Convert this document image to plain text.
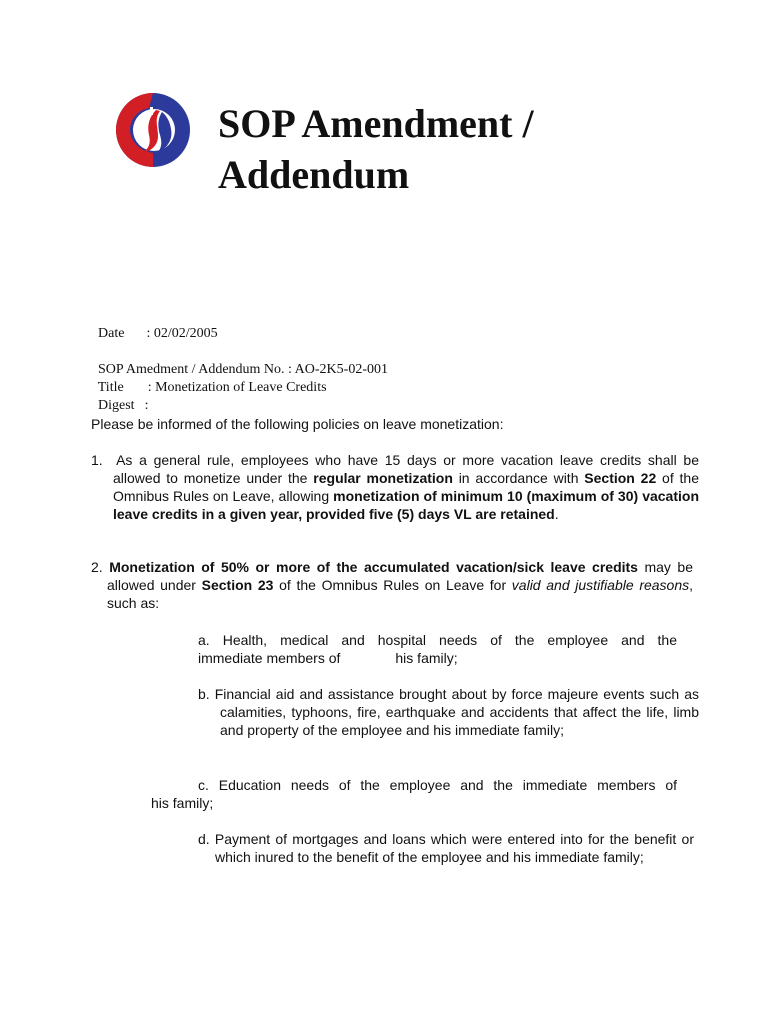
SOP Amendment / Addendum

Date : 02/02/2005

SOP Amedment / Addendum No. : AO-2K5-02-001

Title : Monetization of Leave Credits

Digest :

Please be informed of the following policies on leave monetization:

1. As a general rule, employees who have 15 days or more vacation leave credits shall be allowed to monetize under the regular monetization in accordance with Section 22 of the Omnibus Rules on Leave, allowing monetization of minimum 10 (maximum of 30) vacation leave credits in a given year, provided five (5) days VL are retained.

2. Monetization of 50% or more of the accumulated vacation/sick leave credits may be allowed under Section 23 of the Omnibus Rules on Leave for valid and justifiable reasons, such as:

a. Health, medical and hospital needs of the employee and the
immediate members of	his family;

b. Financial aid and assistance brought about by force majeure events such as calamities, typhoons, fire, earthquake and accidents that affect the life, limb and property of the employee and his immediate family;

c. Education needs of the employee and the immediate members of
his family;

d. Payment of mortgages and loans which were entered into for the benefit or which inured to the benefit of the employee and his immediate family;
